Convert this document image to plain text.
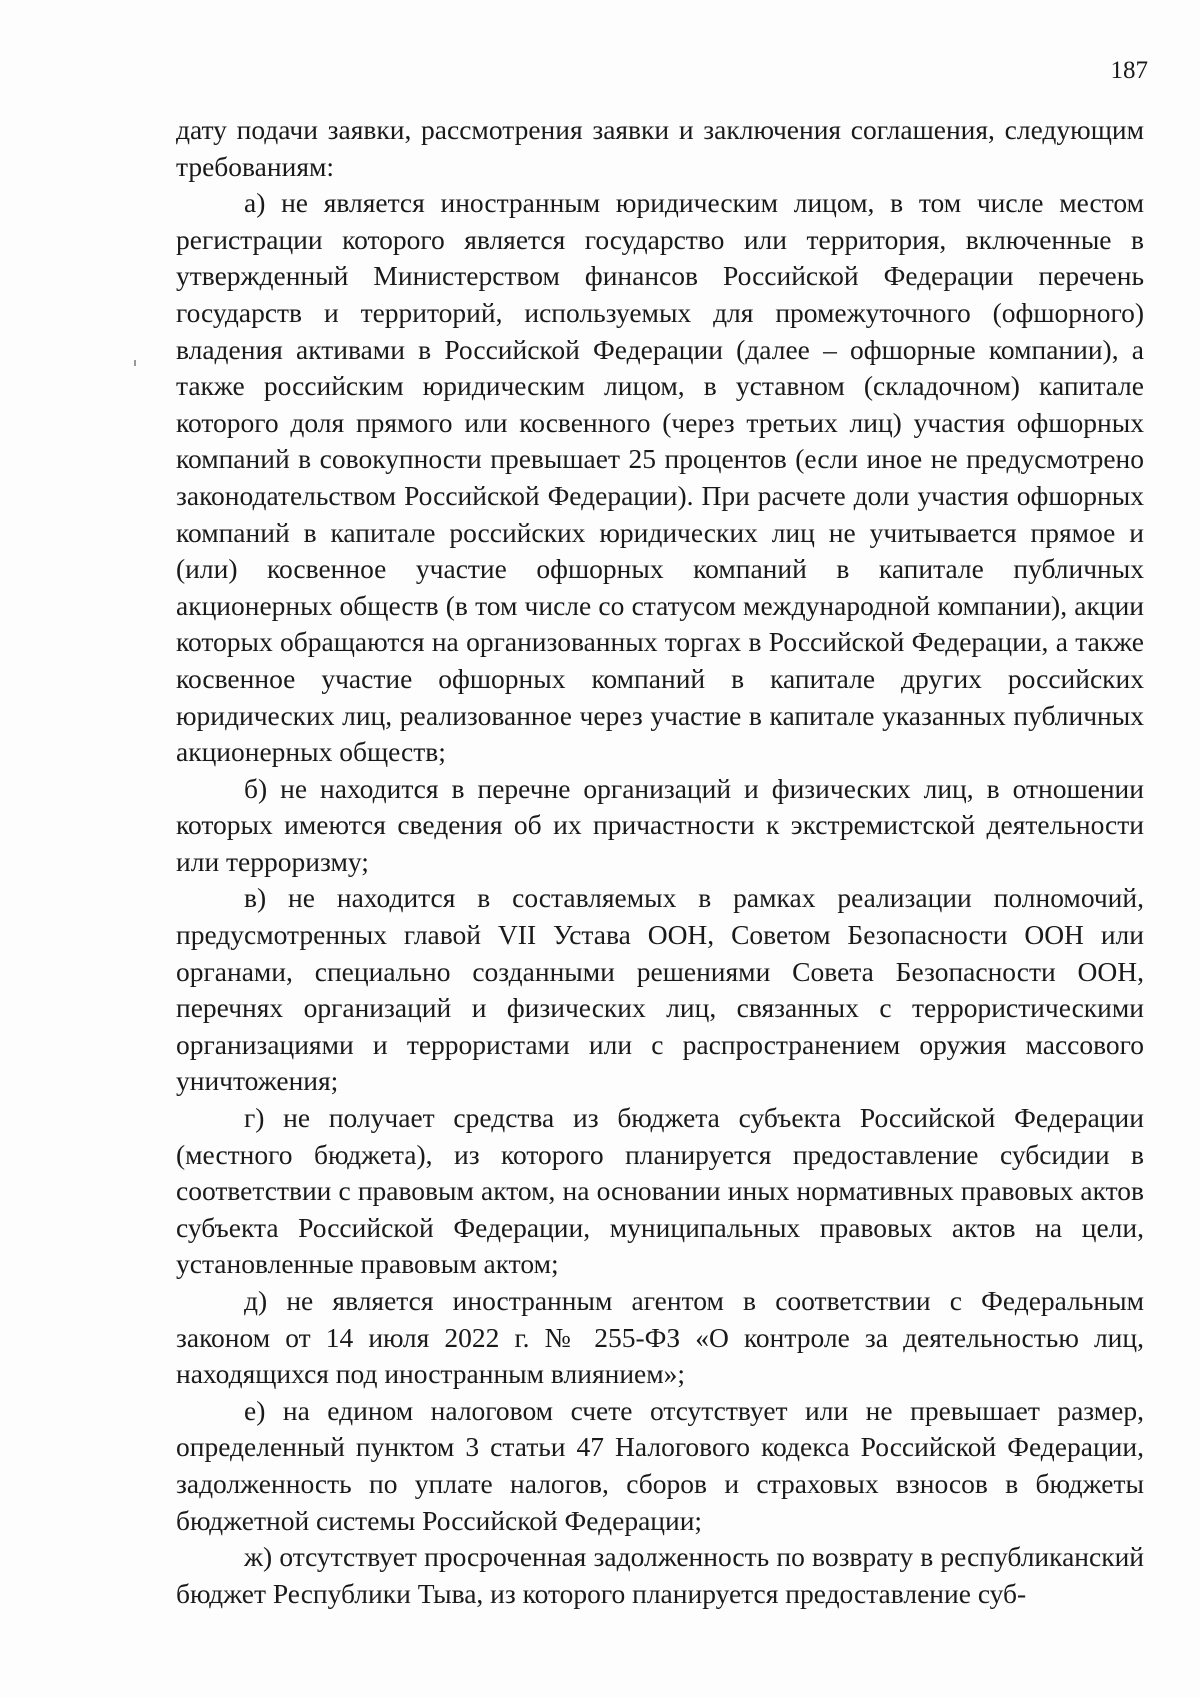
187

дату подачи заявки, рассмотрения заявки и заключения соглашения, следующим требованиям:

а) не является иностранным юридическим лицом, в том числе местом регистрации которого является государство или территория, включенные в утвержденный Министерством финансов Российской Федерации перечень государств и территорий, используемых для промежуточного (офшорного) владения активами в Российской Федерации (далее – офшорные компании), а также российским юридическим лицом, в уставном (складочном) капитале которого доля прямого или косвенного (через третьих лиц) участия офшорных компаний в совокупности превышает 25 процентов (если иное не предусмотрено законодательством Российской Федерации). При расчете доли участия офшорных компаний в капитале российских юридических лиц не учитывается прямое и (или) косвенное участие офшорных компаний в капитале публичных акционерных обществ (в том числе со статусом международной компании), акции которых обращаются на организованных торгах в Российской Федерации, а также косвенное участие офшорных компаний в капитале других российских юридических лиц, реализованное через участие в капитале указанных публичных акционерных обществ;

б) не находится в перечне организаций и физических лиц, в отношении которых имеются сведения об их причастности к экстремистской деятельности или терроризму;

в) не находится в составляемых в рамках реализации полномочий, предусмотренных главой VII Устава ООН, Советом Безопасности ООН или органами, специально созданными решениями Совета Безопасности ООН, перечнях организаций и физических лиц, связанных с террористическими организациями и террористами или с распространением оружия массового уничтожения;

г) не получает средства из бюджета субъекта Российской Федерации (местного бюджета), из которого планируется предоставление субсидии в соответствии с правовым актом, на основании иных нормативных правовых актов субъекта Российской Федерации, муниципальных правовых актов на цели, установленные правовым актом;

д) не является иностранным агентом в соответствии с Федеральным законом от 14 июля 2022 г. № 255-ФЗ «О контроле за деятельностью лиц, находящихся под иностранным влиянием»;

е) на едином налоговом счете отсутствует или не превышает размер, определенный пунктом 3 статьи 47 Налогового кодекса Российской Федерации, задолженность по уплате налогов, сборов и страховых взносов в бюджеты бюджетной системы Российской Федерации;

ж) отсутствует просроченная задолженность по возврату в республиканский бюджет Республики Тыва, из которого планируется предоставление суб-
